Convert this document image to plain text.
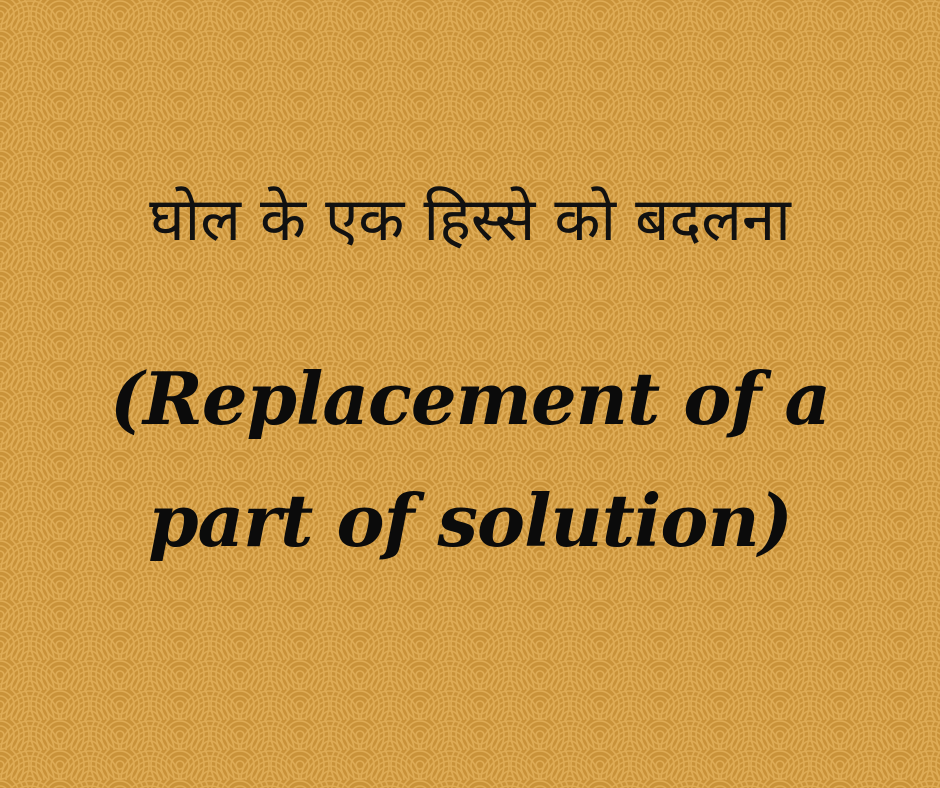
घोल के एक हिस्से को बदलना
(Replacement of a part of solution)
